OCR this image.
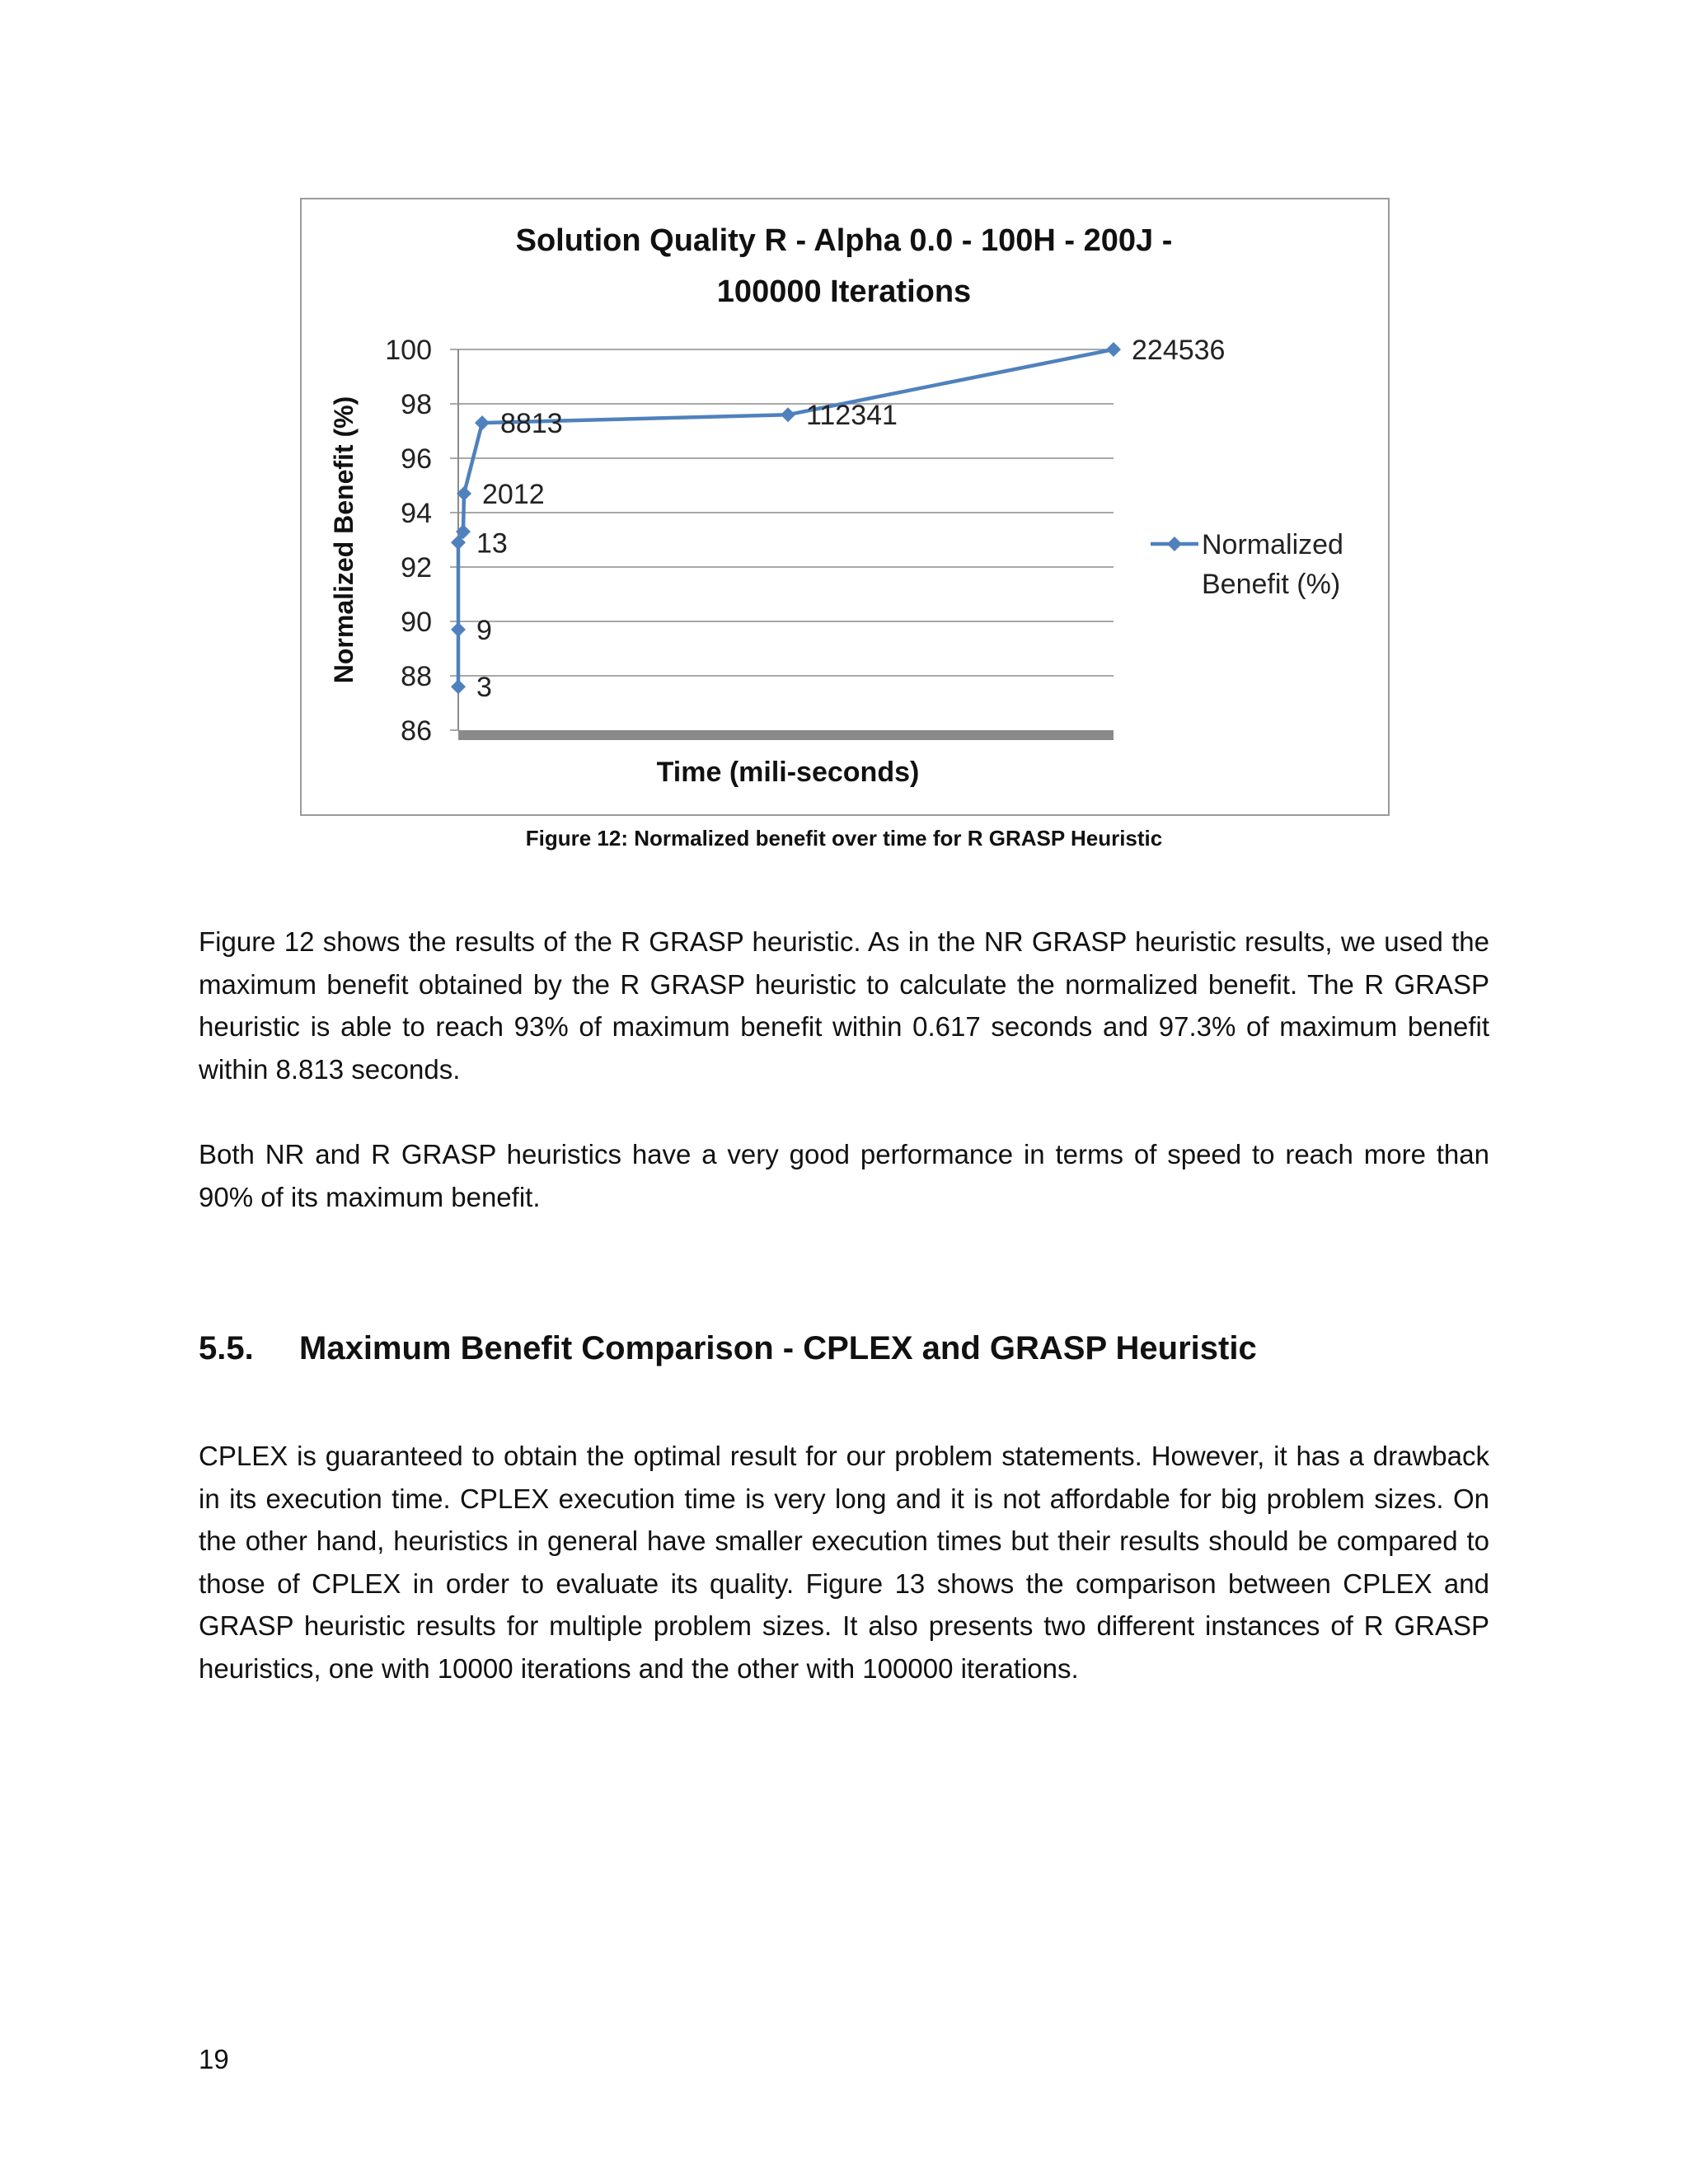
Solution Quality R - Alpha 0.0 - 100H - 200J -
100000 Iterations
86
88
90
92
94
96
98
100
Time (mili-seconds)
Normalized Benefit (%)
3
9
13
2012
8813	112341
224536
Normalized
Benefit (%)
Figure 12: Normalized benefit over time for R GRASP Heuristic

Figure 12 shows the results of the R GRASP heuristic. As in the NR GRASP heuristic results, we used the maximum benefit obtained by the R GRASP heuristic to calculate the normalized benefit. The R GRASP heuristic is able to reach 93% of maximum benefit within 0.617 seconds and 97.3% of maximum benefit within 8.813 seconds.

Both NR and R GRASP heuristics have a very good performance in terms of speed to reach more than 90% of its maximum benefit.

5.5. Maximum Benefit Comparison - CPLEX and GRASP Heuristic

CPLEX is guaranteed to obtain the optimal result for our problem statements. However, it has a drawback in its execution time. CPLEX execution time is very long and it is not affordable for big problem sizes. On the other hand, heuristics in general have smaller execution times but their results should be compared to those of CPLEX in order to evaluate its quality. Figure 13 shows the comparison between CPLEX and GRASP heuristic results for multiple problem sizes. It also presents two different instances of R GRASP heuristics, one with 10000 iterations and the other with 100000 iterations.

19
